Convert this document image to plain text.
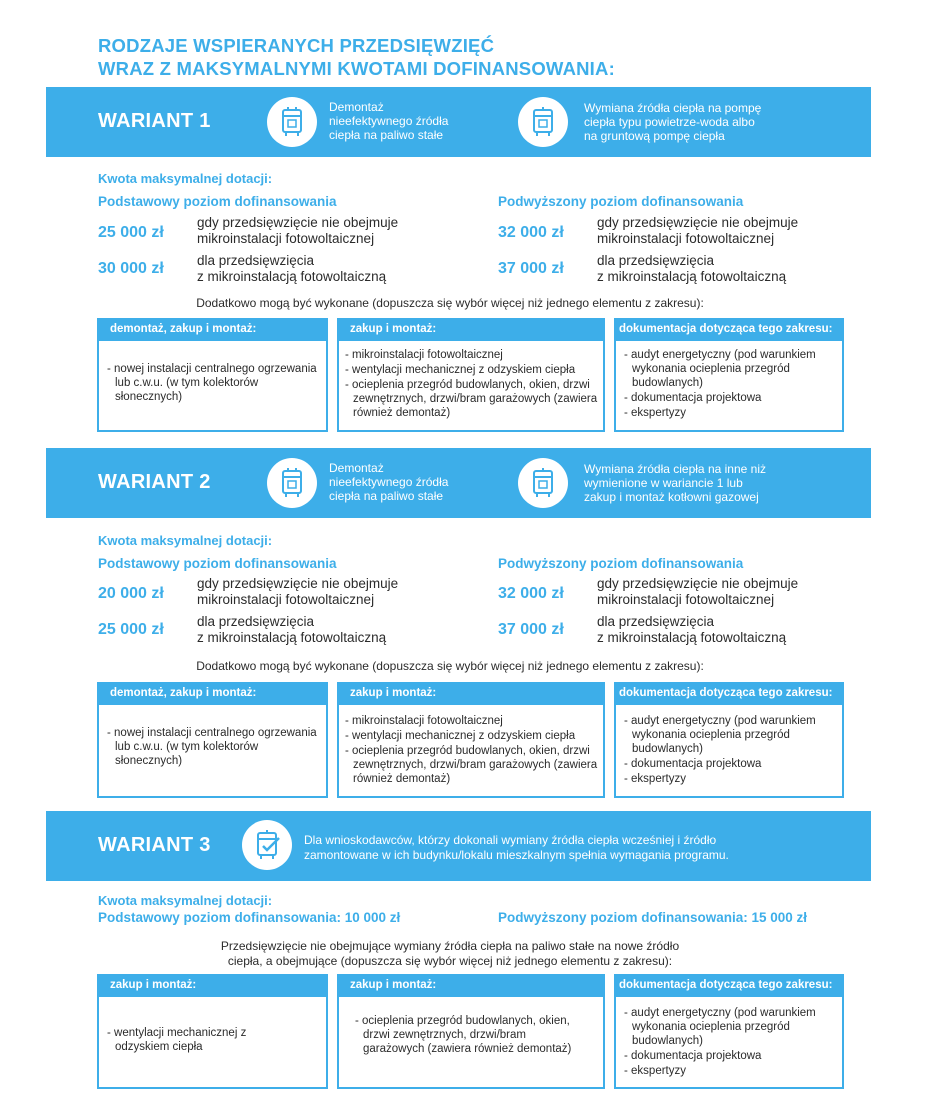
RODZAJE WSPIERANYCH PRZEDSIĘWZIĘĆ
WRAZ Z MAKSYMALNYMI KWOTAMI DOFINANSOWANIA:
WARIANT 1
Demontaż
nieefektywnego źródła
ciepła na paliwo stałe
Wymiana źródła ciepła na pompę
ciepła typu powietrze-woda albo
na gruntową pompę ciepła
Kwota maksymalnej dotacji:
Podstawowy poziom dofinansowania
25 000 zł
gdy przedsięwzięcie nie obejmuje
mikroinstalacji fotowoltaicznej
30 000 zł dla przedsięwzięcia
z mikroinstalacją fotowoltaiczną
Podwyższony poziom dofinansowania
32 000 zł
gdy przedsięwzięcie nie obejmuje
mikroinstalacji fotowoltaicznej
37 000 zł dla przedsięwzięcia
z mikroinstalacją fotowoltaiczną
Dodatkowo mogą być wykonane (dopuszcza się wybór więcej niż jednego elementu z zakresu):
demontaż, zakup i montaż:
- nowej instalacji centralnego ogrzewania lub c.w.u. (w tym kolektorów słonecznych)
zakup i montaż:
- mikroinstalacji fotowoltaicznej
- wentylacji mechanicznej z odzyskiem ciepła
- ocieplenia przegród budowlanych, okien, drzwi zewnętrznych, drzwi/bram garażowych (zawiera również demontaż)
dokumentacja dotycząca tego zakresu:
- audyt energetyczny (pod warunkiem wykonania ocieplenia przegród budowlanych)
- dokumentacja projektowa
- ekspertyzy
WARIANT 2
Demontaż
nieefektywnego źródła
ciepła na paliwo stałe
Wymiana źródła ciepła na inne niż
wymienione w wariancie 1 lub
zakup i montaż kotłowni gazowej
Kwota maksymalnej dotacji:
Podstawowy poziom dofinansowania
20 000 zł
gdy przedsięwzięcie nie obejmuje
mikroinstalacji fotowoltaicznej
25 000 zł dla przedsięwzięcia
z mikroinstalacją fotowoltaiczną
Podwyższony poziom dofinansowania
32 000 zł
gdy przedsięwzięcie nie obejmuje
mikroinstalacji fotowoltaicznej
37 000 zł dla przedsięwzięcia
z mikroinstalacją fotowoltaiczną
Dodatkowo mogą być wykonane (dopuszcza się wybór więcej niż jednego elementu z zakresu):
demontaż, zakup i montaż:
- nowej instalacji centralnego ogrzewania lub c.w.u. (w tym kolektorów słonecznych)
zakup i montaż:
- mikroinstalacji fotowoltaicznej
- wentylacji mechanicznej z odzyskiem ciepła
- ocieplenia przegród budowlanych, okien, drzwi zewnętrznych, drzwi/bram garażowych (zawiera również demontaż)
dokumentacja dotycząca tego zakresu:
- audyt energetyczny (pod warunkiem wykonania ocieplenia przegród budowlanych)
- dokumentacja projektowa
- ekspertyzy
WARIANT 3	Dla wnioskodawców, którzy dokonali wymiany źródła ciepła wcześniej i źródło
zamontowane w ich budynku/lokalu mieszkalnym spełnia wymagania programu.
Kwota maksymalnej dotacji:
Podstawowy poziom dofinansowania: 10 000 zł	Podwyższony poziom dofinansowania: 15 000 zł
Przedsięwzięcie nie obejmujące wymiany źródła ciepła na paliwo stałe na nowe źródło
ciepła, a obejmujące (dopuszcza się wybór więcej niż jednego elementu z zakresu):
zakup i montaż:
- wentylacji mechanicznej z odzyskiem ciepła
zakup i montaż:
- ocieplenia przegród budowlanych, okien, drzwi zewnętrznych, drzwi/bram garażowych (zawiera również demontaż)
dokumentacja dotycząca tego zakresu:
- audyt energetyczny (pod warunkiem wykonania ocieplenia przegród budowlanych)
- dokumentacja projektowa
- ekspertyzy
